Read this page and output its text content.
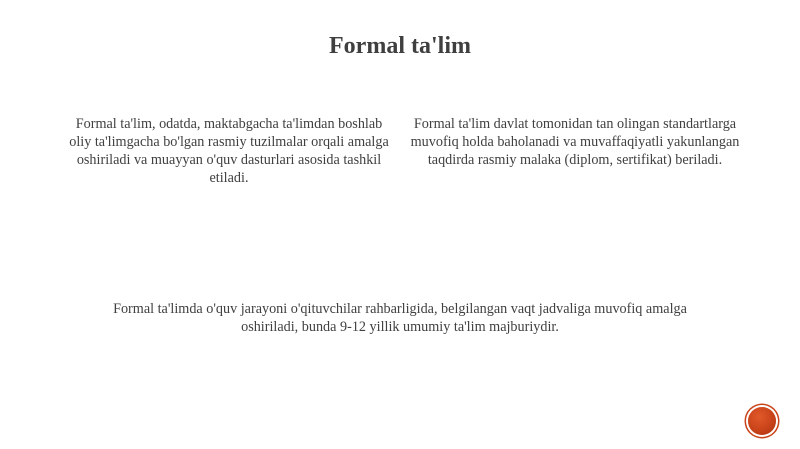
Formal ta'lim
Formal ta'lim, odatda, maktabgacha ta'limdan boshlab oliy ta'limgacha bo'lgan rasmiy tuzilmalar orqali amalga oshiriladi va muayyan o'quv dasturlari asosida tashkil etiladi.
Formal ta'lim davlat tomonidan tan olingan standartlarga muvofiq holda baholanadi va muvaffaqiyatli yakunlangan taqdirda rasmiy malaka (diplom, sertifikat) beriladi.
Formal ta'limda o'quv jarayoni o'qituvchilar rahbarligida, belgilangan vaqt jadvaliga muvofiq amalga oshiriladi, bunda 9-12 yillik umumiy ta'lim majburiydir.
